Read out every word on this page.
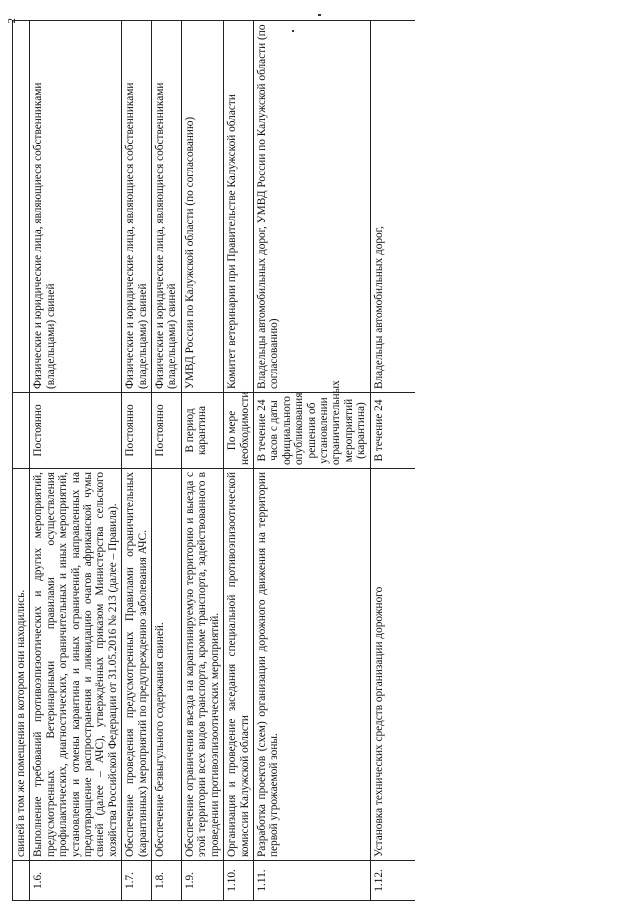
2
	свиней в том же помещении в котором они находились.		
1.6.	Выполнение требований противоэпизоотических и других мероприятий, предусмотренных Ветеринарными правилами осуществления профилактических, диагностических, ограничительных и иных мероприятий, установления и отмены карантина и иных ограничений, направленных на предотвращение распространения и ликвидацию очагов африканской чумы свиней (далее – АЧС), утверждённых приказом Министерства сельского хозяйства Российской Федерации от 31.05.2016 № 213 (далее – Правила).	Постоянно	Физические и юридические лица, являющиеся собственниками (владельцами) свиней
1.7.	Обеспечение проведения предусмотренных Правилами ограничительных (карантинных) мероприятий по предупреждению заболевания АЧС.	Постоянно	Физические и юридические лица, являющиеся собственниками (владельцами) свиней
1.8.	Обеспечение безвыгульного содержания свиней.	Постоянно	Физические и юридические лица, являющиеся собственниками (владельцами) свиней
1.9.	Обеспечение ограничения въезда на карантинируемую территорию и выезда с этой территории всех видов транспорта, кроме транспорта, задействованного в проведении противоэпизоотических мероприятий.	В период карантина	УМВД России по Калужской области (по согласованию)
1.10.	Организация и проведение заседания специальной противоэпизоотической комиссии Калужской области	По мере необходимости	Комитет ветеринарии при Правительстве Калужской области
1.11.	Разработка проектов (схем) организации дорожного движения на территории первой угрожаемой зоны.	В течение 24 часов с даты официального опубликования решения об установлении ограничительных мероприятий (карантина)	Владельцы автомобильных дорог, УМВД России по Калужской области (по согласованию)
1.12.	Установка технических средств организации дорожного	В течение 24	Владельцы автомобильных дорог,
